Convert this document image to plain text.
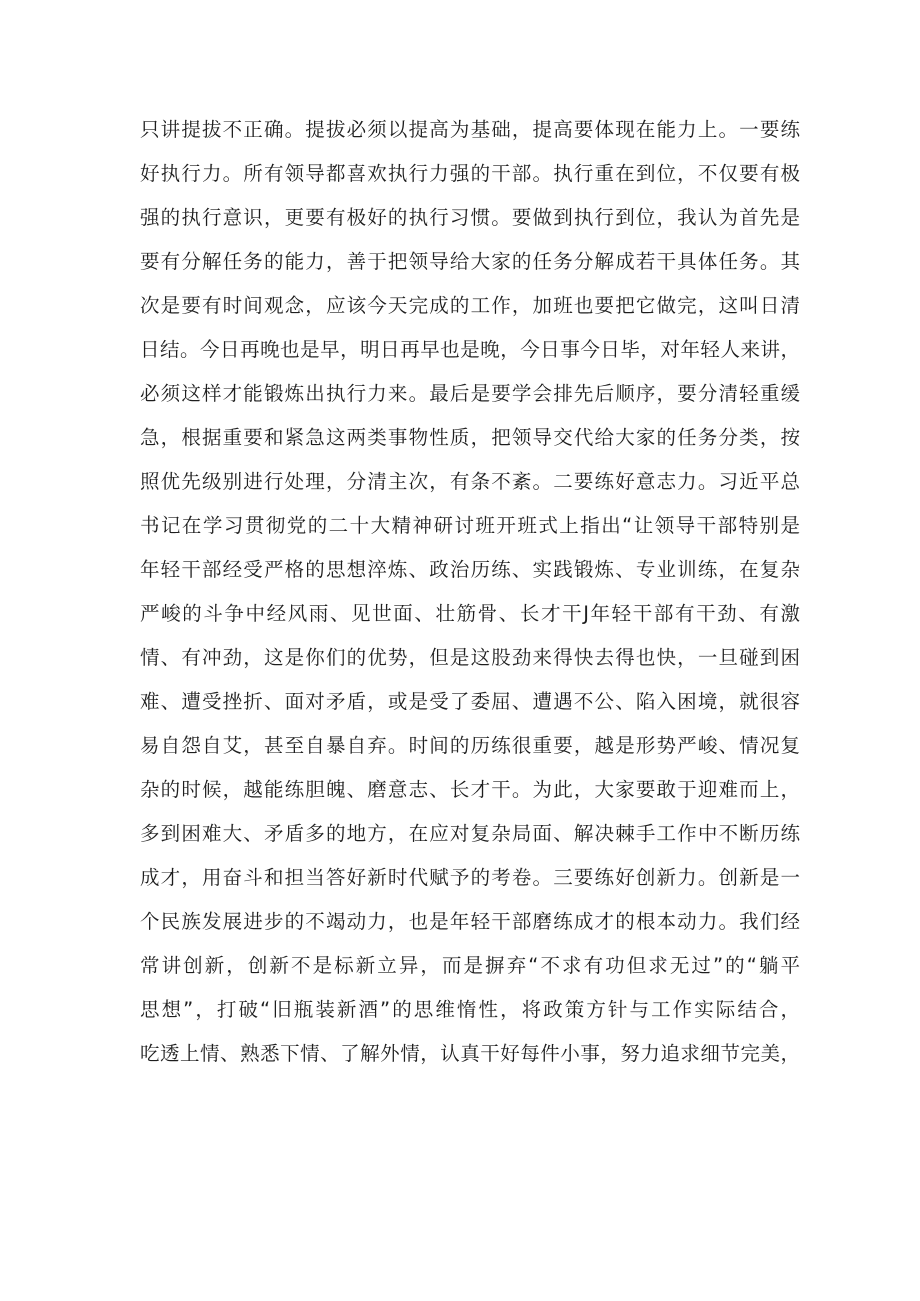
只讲提拔不正确。提拔必须以提高为基础，提高要体现在能力上。一要练
好执行力。所有领导都喜欢执行力强的干部。执行重在到位，不仅要有极
强的执行意识，更要有极好的执行习惯。要做到执行到位，我认为首先是
要有分解任务的能力，善于把领导给大家的任务分解成若干具体任务。其
次是要有时间观念，应该今天完成的工作，加班也要把它做完，这叫日清
日结。今日再晚也是早，明日再早也是晚，今日事今日毕，对年轻人来讲，
必须这样才能锻炼出执行力来。最后是要学会排先后顺序，要分清轻重缓
急，根据重要和紧急这两类事物性质，把领导交代给大家的任务分类，按
照优先级别进行处理，分清主次，有条不紊。二要练好意志力。习近平总
书记在学习贯彻党的二十大精神研讨班开班式上指出“让领导干部特别是
年轻干部经受严格的思想淬炼、政治历练、实践锻炼、专业训练，在复杂
严峻的斗争中经风雨、见世面、壮筋骨、长才干J年轻干部有干劲、有激
情、有冲劲，这是你们的优势，但是这股劲来得快去得也快，一旦碰到困
难、遭受挫折、面对矛盾，或是受了委屈、遭遇不公、陷入困境，就很容
易自怨自艾，甚至自暴自弃。时间的历练很重要，越是形势严峻、情况复
杂的时候，越能练胆魄、磨意志、长才干。为此，大家要敢于迎难而上，
多到困难大、矛盾多的地方，在应对复杂局面、解决棘手工作中不断历练
成才，用奋斗和担当答好新时代赋予的考卷。三要练好创新力。创新是一
个民族发展进步的不竭动力，也是年轻干部磨练成才的根本动力。我们经
常讲创新，创新不是标新立异，而是摒弃“不求有功但求无过”的“躺平
思想”，打破“旧瓶装新酒”的思维惰性，将政策方针与工作实际结合，
吃透上情、熟悉下情、了解外情，认真干好每件小事，努力追求细节完美，
